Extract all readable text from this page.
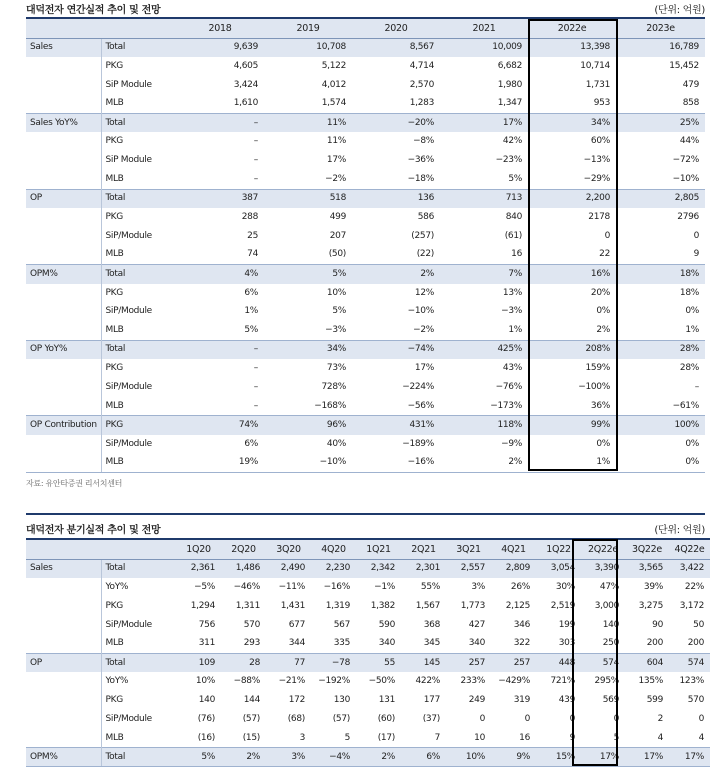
대덕전자 연간실적 추이 및 전망	(단위: 억원)
		2018	2019	2020	2021	2022e	2023e
Sales	Total	9,639	10,708	8,567	10,009	13,398	16,789
	PKG	4,605	5,122	4,714	6,682	10,714	15,452
	SiP Module	3,424	4,012	2,570	1,980	1,731	479
	MLB	1,610	1,574	1,283	1,347	953	858
Sales YoY%	Total	–	11%	−20%	17%	34%	25%
	PKG	–	11%	−8%	42%	60%	44%
	SiP Module	–	17%	−36%	−23%	−13%	−72%
	MLB	–	−2%	−18%	5%	−29%	−10%
OP	Total	387	518	136	713	2,200	2,805
	PKG	288	499	586	840	2178	2796
	SiP/Module	25	207	(257)	(61)	0	0
	MLB	74	(50)	(22)	16	22	9
OPM%	Total	4%	5%	2%	7%	16%	18%
	PKG	6%	10%	12%	13%	20%	18%
	SiP/Module	1%	5%	−10%	−3%	0%	0%
	MLB	5%	−3%	−2%	1%	2%	1%
OP YoY%	Total	–	34%	−74%	425%	208%	28%
	PKG	–	73%	17%	43%	159%	28%
	SiP/Module	–	728%	−224%	−76%	−100%	–
	MLB	–	−168%	−56%	−173%	36%	−61%
OP Contribution	PKG	74%	96%	431%	118%	99%	100%
	SiP/Module	6%	40%	−189%	−9%	0%	0%
	MLB	19%	−10%	−16%	2%	1%	0%
자료: 유안타증권 리서치센터
대덕전자 분기실적 추이 및 전망	(단위: 억원)
		1Q20	2Q20	3Q20	4Q20	1Q21	2Q21	3Q21	4Q21	1Q22	2Q22e	3Q22e	4Q22e
Sales	Total	2,361	1,486	2,490	2,230	2,342	2,301	2,557	2,809	3,054	3,390	3,565	3,422
	YoY%	−5%	−46%	−11%	−16%	−1%	55%	3%	26%	30%	47%	39%	22%
	PKG	1,294	1,311	1,431	1,319	1,382	1,567	1,773	2,125	2,519	3,000	3,275	3,172
	SiP/Module	756	570	677	567	590	368	427	346	199	140	90	50
	MLB	311	293	344	335	340	345	340	322	303	250	200	200
OP	Total	109	28	77	−78	55	145	257	257	448	574	604	574
	YoY%	10%	−88%	−21%	−192%	−50%	422%	233%	−429%	721%	295%	135%	123%
	PKG	140	144	172	130	131	177	249	319	439	569	599	570
	SiP/Module	(76)	(57)	(68)	(57)	(60)	(37)	0	0	0	0	2	0
	MLB	(16)	(15)	3	5	(17)	7	10	16	9	5	4	4
OPM%	Total	5%	2%	3%	−4%	2%	6%	10%	9%	15%	17%	17%	17%
